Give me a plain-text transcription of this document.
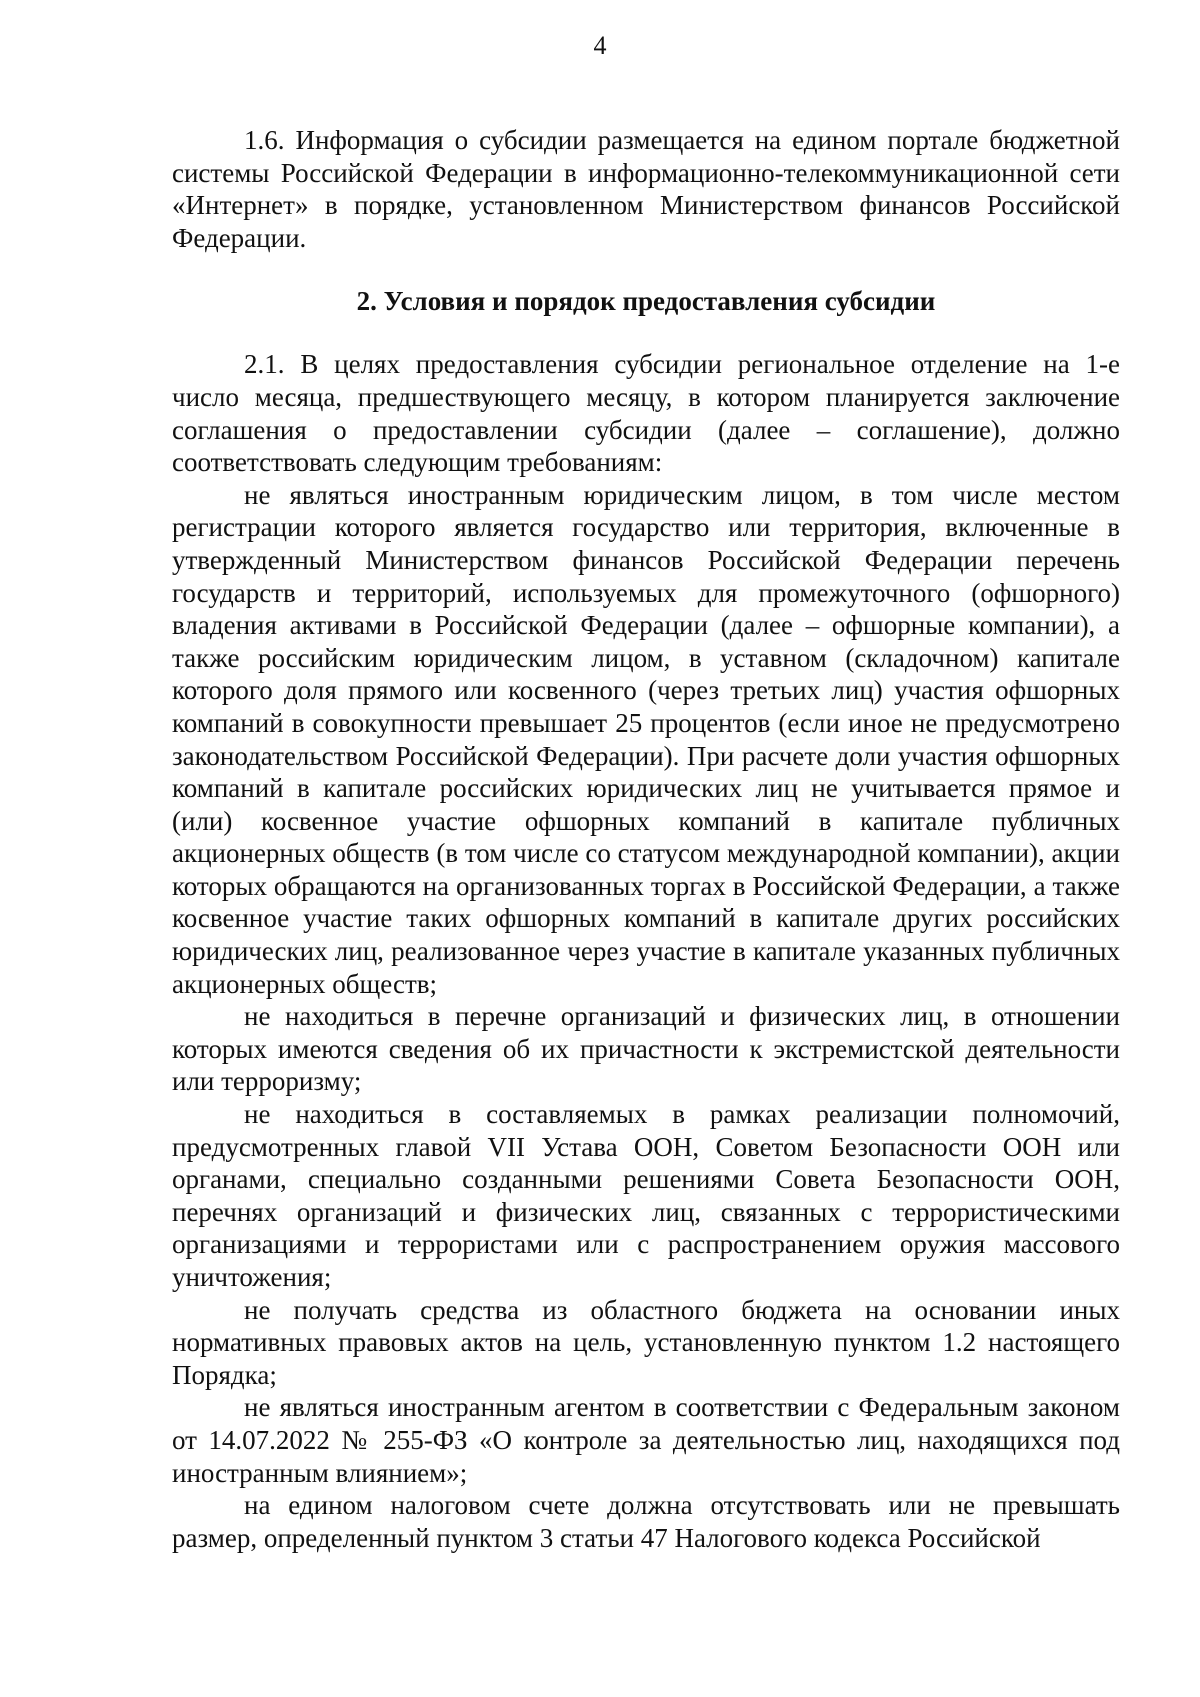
4

1.6. Информация о субсидии размещается на едином портале бюджетной системы Российской Федерации в информационно-телекоммуникационной сети «Интернет» в порядке, установленном Министерством финансов Российской Федерации.

2. Условия и порядок предоставления субсидии

2.1. В целях предоставления субсидии региональное отделение на 1-е число месяца, предшествующего месяцу, в котором планируется заключение соглашения о предоставлении субсидии (далее – соглашение), должно соответствовать следующим требованиям:

не являться иностранным юридическим лицом, в том числе местом регистрации которого является государство или территория, включенные в утвержденный Министерством финансов Российской Федерации перечень государств и территорий, используемых для промежуточного (офшорного) владения активами в Российской Федерации (далее – офшорные компании), а также российским юридическим лицом, в уставном (складочном) капитале которого доля прямого или косвенного (через третьих лиц) участия офшорных компаний в совокупности превышает 25 процентов (если иное не предусмотрено законодательством Российской Федерации). При расчете доли участия офшорных компаний в капитале российских юридических лиц не учитывается прямое и (или) косвенное участие офшорных компаний в капитале публичных акционерных обществ (в том числе со статусом международной компании), акции которых обращаются на организованных торгах в Российской Федерации, а также косвенное участие таких офшорных компаний в капитале других российских юридических лиц, реализованное через участие в капитале указанных публичных акционерных обществ;

не находиться в перечне организаций и физических лиц, в отношении которых имеются сведения об их причастности к экстремистской деятельности или терроризму;

не находиться в составляемых в рамках реализации полномочий, предусмотренных главой VII Устава ООН, Советом Безопасности ООН или органами, специально созданными решениями Совета Безопасности ООН, перечнях организаций и физических лиц, связанных с террористическими организациями и террористами или с распространением оружия массового уничтожения;

не получать средства из областного бюджета на основании иных нормативных правовых актов на цель, установленную пунктом 1.2 настоящего Порядка;

не являться иностранным агентом в соответствии с Федеральным законом от 14.07.2022 № 255-ФЗ «О контроле за деятельностью лиц, находящихся под иностранным влиянием»;

на едином налоговом счете должна отсутствовать или не превышать размер, определенный пунктом 3 статьи 47 Налогового кодекса Российской
